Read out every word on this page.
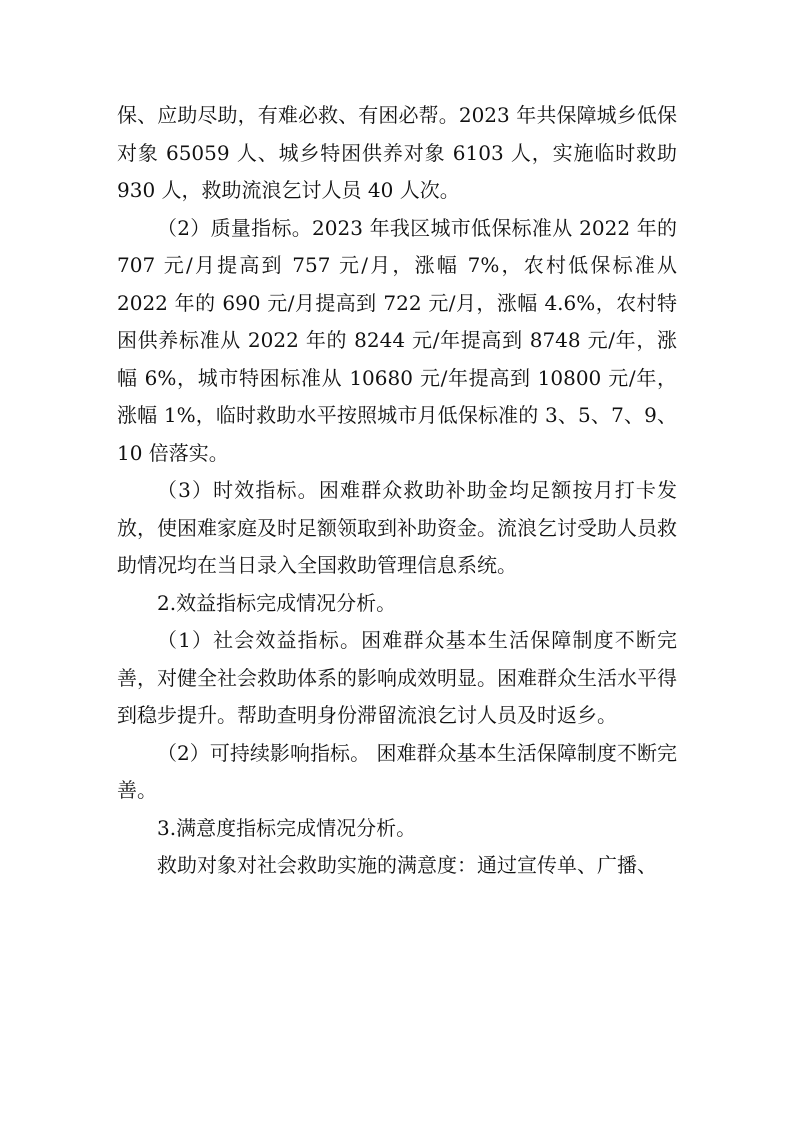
保、应助尽助，有难必救、有困必帮。2023 年共保障城乡低保对象 65059 人、城乡特困供养对象 6103 人，实施临时救助 930 人，救助流浪乞讨人员 40 人次。

（2）质量指标。2023 年我区城市低保标准从 2022 年的 707 元/月提高到 757 元/月，涨幅 7%，农村低保标准从 2022 年的 690 元/月提高到 722 元/月，涨幅 4.6%，农村特困供养标准从 2022 年的 8244 元/年提高到 8748 元/年，涨幅 6%，城市特困标准从 10680 元/年提高到 10800 元/年，涨幅 1%，临时救助水平按照城市月低保标准的 3、5、7、9、10 倍落实。

（3）时效指标。困难群众救助补助金均足额按月打卡发放，使困难家庭及时足额领取到补助资金。流浪乞讨受助人员救助情况均在当日录入全国救助管理信息系统。

2.效益指标完成情况分析。

（1）社会效益指标。困难群众基本生活保障制度不断完善，对健全社会救助体系的影响成效明显。困难群众生活水平得到稳步提升。帮助查明身份滞留流浪乞讨人员及时返乡。

（2）可持续影响指标。 困难群众基本生活保障制度不断完善。

3.满意度指标完成情况分析。

救助对象对社会救助实施的满意度：通过宣传单、广播、
